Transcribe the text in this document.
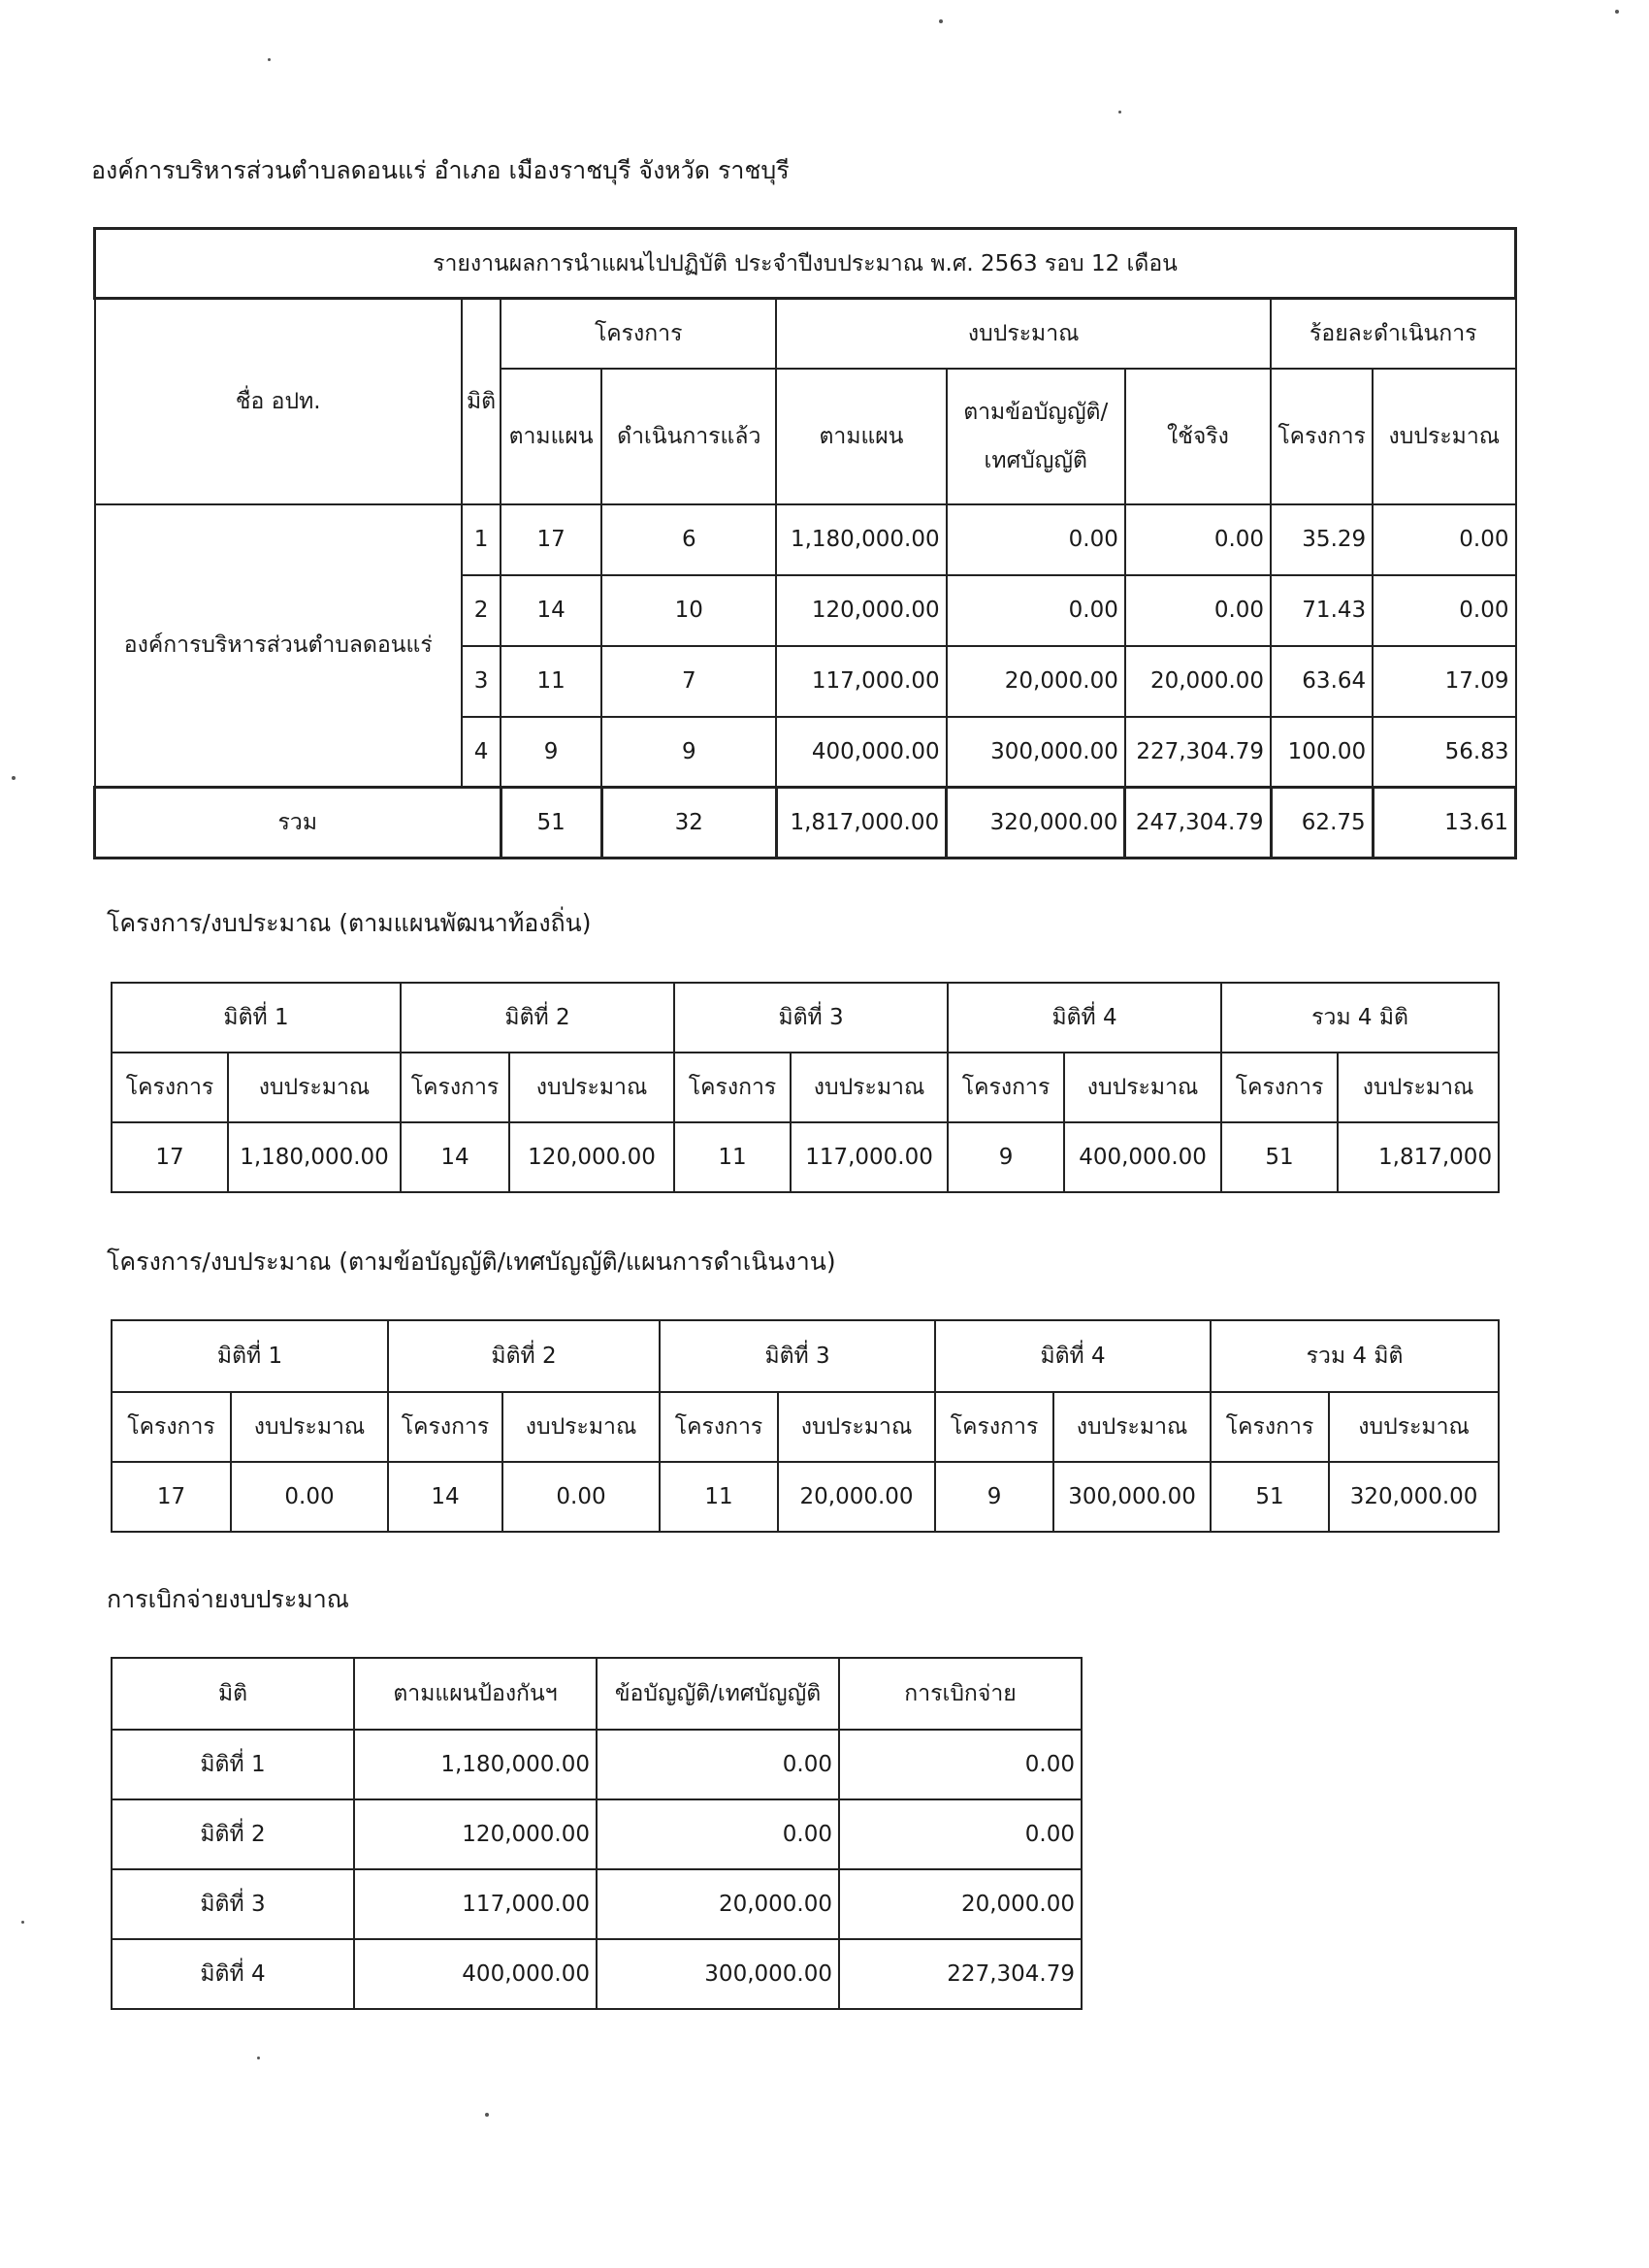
องค์การบริหารส่วนตำบลดอนแร่ อำเภอ เมืองราชบุรี จังหวัด ราชบุรี
รายงานผลการนำแผนไปปฏิบัติ ประจำปีงบประมาณ พ.ศ. 2563 รอบ 12 เดือน								
ชื่อ อปท.	มิติ	โครงการ		งบประมาณ			ร้อยละดำเนินการ	
		ตามแผน	ดำเนินการแล้ว	ตามแผน	ตามข้อบัญญัติ/
เทศบัญญัติ	ใช้จริง	โครงการ	งบประมาณ
องค์การบริหารส่วนตำบลดอนแร่	1	17	6	1,180,000.00	0.00	0.00	35.29	0.00
	2	14	10	120,000.00	0.00	0.00	71.43	0.00
	3	11	7	117,000.00	20,000.00	20,000.00	63.64	17.09
	4	9	9	400,000.00	300,000.00	227,304.79	100.00	56.83
รวม		51	32	1,817,000.00	320,000.00	247,304.79	62.75	13.61
โครงการ/งบประมาณ (ตามแผนพัฒนาท้องถิ่น)
มิติที่ 1		มิติที่ 2		มิติที่ 3		มิติที่ 4		รวม 4 มิติ	
โครงการ	งบประมาณ	โครงการ	งบประมาณ	โครงการ	งบประมาณ	โครงการ	งบประมาณ	โครงการ	งบประมาณ
17	1,180,000.00	14	120,000.00	11	117,000.00	9	400,000.00	51	1,817,000
โครงการ/งบประมาณ (ตามข้อบัญญัติ/เทศบัญญัติ/แผนการดำเนินงาน)
มิติที่ 1		มิติที่ 2		มิติที่ 3		มิติที่ 4		รวม 4 มิติ	
โครงการ	งบประมาณ	โครงการ	งบประมาณ	โครงการ	งบประมาณ	โครงการ	งบประมาณ	โครงการ	งบประมาณ
17	0.00	14	0.00	11	20,000.00	9	300,000.00	51	320,000.00
การเบิกจ่ายงบประมาณ
มิติ	ตามแผนป้องกันฯ	ข้อบัญญัติ/เทศบัญญัติ	การเบิกจ่าย
มิติที่ 1	1,180,000.00	0.00	0.00
มิติที่ 2	120,000.00	0.00	0.00
มิติที่ 3	117,000.00	20,000.00	20,000.00
มิติที่ 4	400,000.00	300,000.00	227,304.79
